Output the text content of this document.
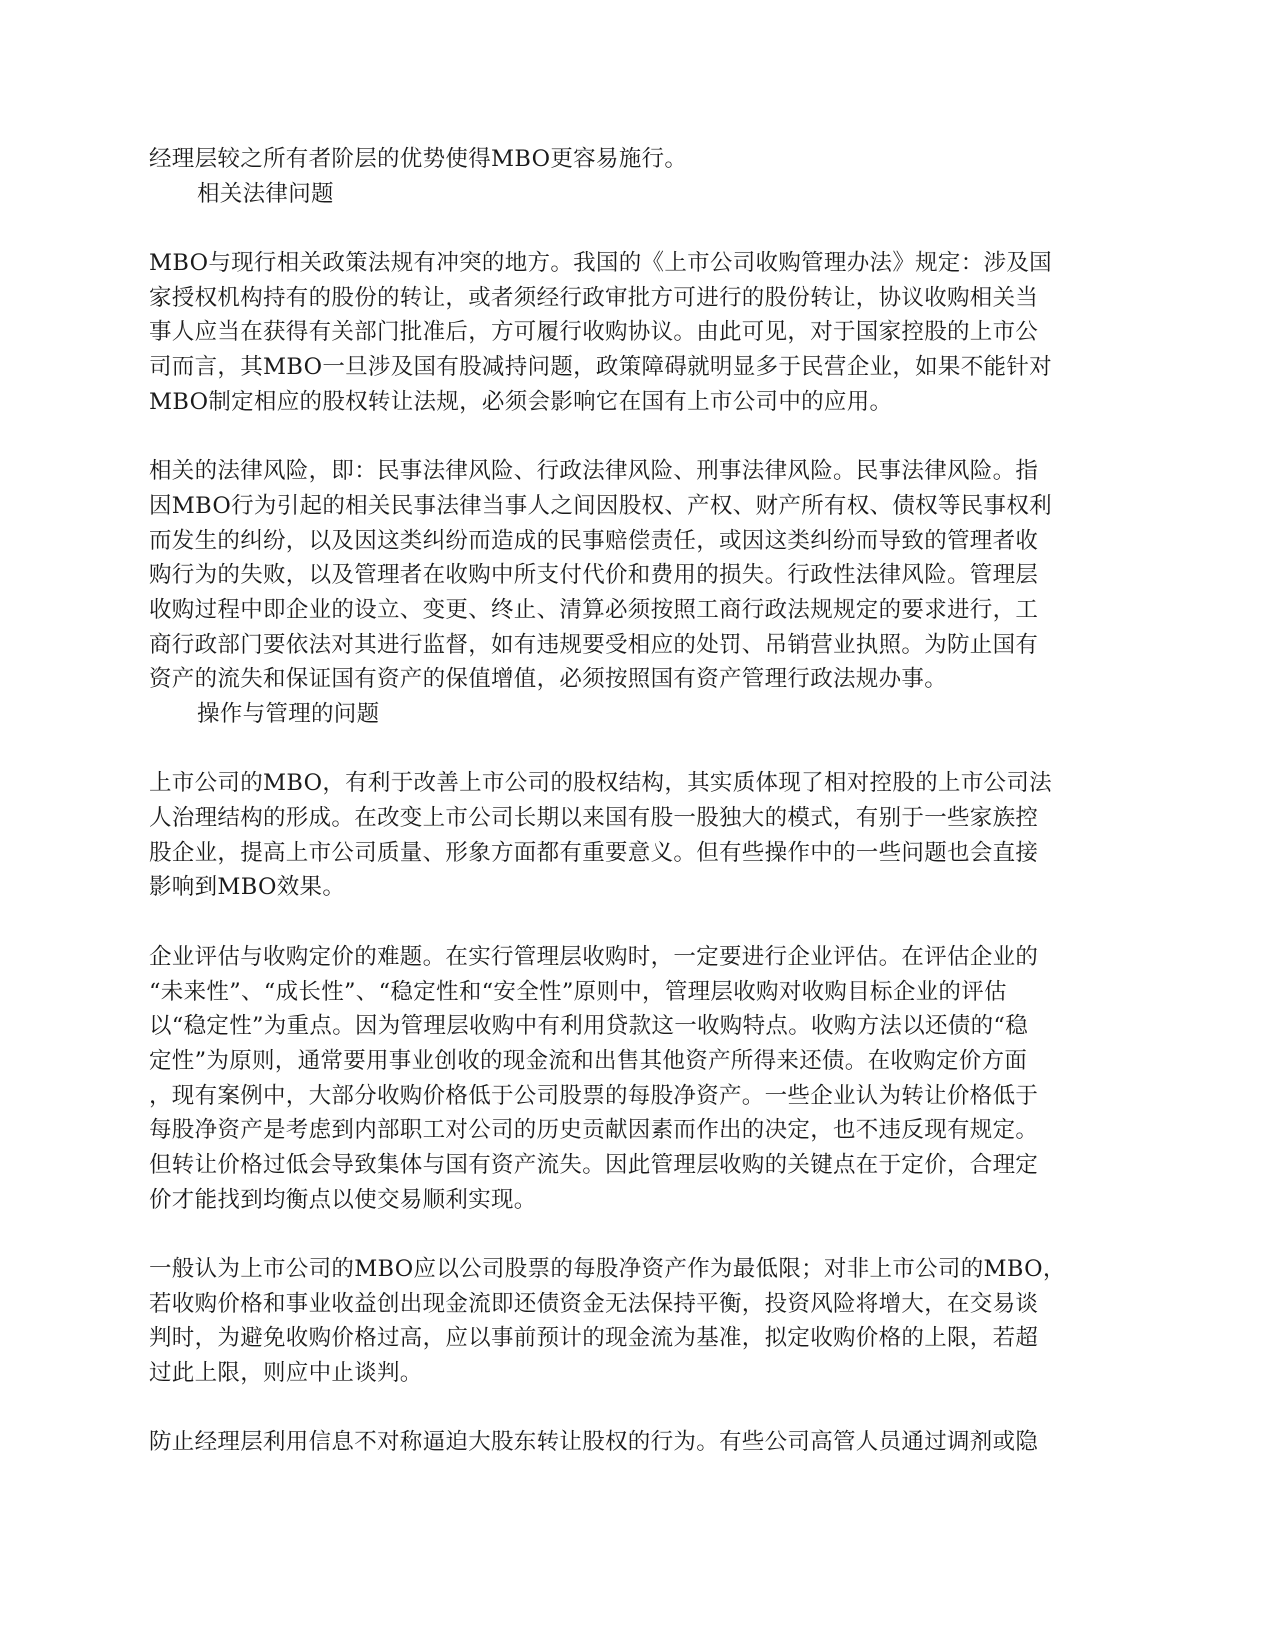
经理层较之所有者阶层的优势使得MBO更容易施行。
相关法律问题
MBO与现行相关政策法规有冲突的地方。我国的《上市公司收购管理办法》规定：涉及国
家授权机构持有的股份的转让，或者须经行政审批方可进行的股份转让，协议收购相关当
事人应当在获得有关部门批准后，方可履行收购协议。由此可见，对于国家控股的上市公
司而言，其MBO一旦涉及国有股减持问题，政策障碍就明显多于民营企业，如果不能针对
MBO制定相应的股权转让法规，必须会影响它在国有上市公司中的应用。
相关的法律风险，即：民事法律风险、行政法律风险、刑事法律风险。民事法律风险。指
因MBO行为引起的相关民事法律当事人之间因股权、产权、财产所有权、债权等民事权利
而发生的纠纷，以及因这类纠纷而造成的民事赔偿责任，或因这类纠纷而导致的管理者收
购行为的失败，以及管理者在收购中所支付代价和费用的损失。行政性法律风险。管理层
收购过程中即企业的设立、变更、终止、清算必须按照工商行政法规规定的要求进行，工
商行政部门要依法对其进行监督，如有违规要受相应的处罚、吊销营业执照。为防止国有
资产的流失和保证国有资产的保值增值，必须按照国有资产管理行政法规办事。
操作与管理的问题
上市公司的MBO，有利于改善上市公司的股权结构，其实质体现了相对控股的上市公司法
人治理结构的形成。在改变上市公司长期以来国有股一股独大的模式，有别于一些家族控
股企业，提高上市公司质量、形象方面都有重要意义。但有些操作中的一些问题也会直接
影响到MBO效果。
企业评估与收购定价的难题。在实行管理层收购时，一定要进行企业评估。在评估企业的
“未来性”、“成长性”、“稳定性和“安全性”原则中，管理层收购对收购目标企业的评估
以“稳定性”为重点。因为管理层收购中有利用贷款这一收购特点。收购方法以还债的“稳
定性”为原则，通常要用事业创收的现金流和出售其他资产所得来还债。在收购定价方面
，现有案例中，大部分收购价格低于公司股票的每股净资产。一些企业认为转让价格低于
每股净资产是考虑到内部职工对公司的历史贡献因素而作出的决定，也不违反现有规定。
但转让价格过低会导致集体与国有资产流失。因此管理层收购的关键点在于定价，合理定
价才能找到均衡点以使交易顺利实现。
一般认为上市公司的MBO应以公司股票的每股净资产作为最低限；对非上市公司的MBO，
若收购价格和事业收益创出现金流即还债资金无法保持平衡，投资风险将增大，在交易谈
判时，为避免收购价格过高，应以事前预计的现金流为基准，拟定收购价格的上限，若超
过此上限，则应中止谈判。
防止经理层利用信息不对称逼迫大股东转让股权的行为。有些公司高管人员通过调剂或隐
